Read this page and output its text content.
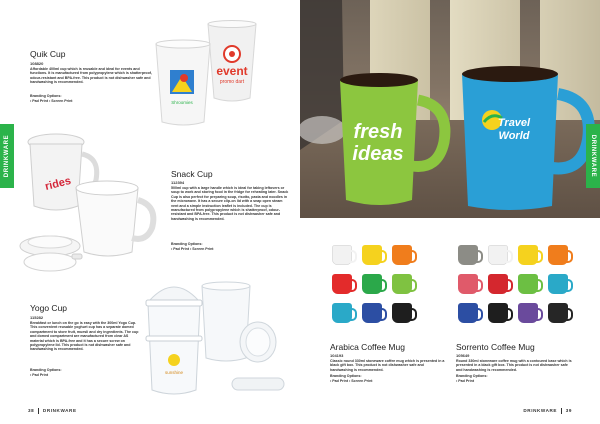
DRINKWARE
Quik Cup
108820
Affordable 400ml cup which is reusable and ideal for events and functions. It is manufactured from polypropylene which is shatterproof, odour-resistant and BPA-free. This product is not dishwasher safe and handwashing is recommended.
Branding Options:
• Pad Print • Screen Print
event
promo dart
Shroomies
rides
Snack Cup
112394
500ml cup with a large handle which is ideal for taking leftovers or soup to work and storing food in the fridge for reheating later. Snack Cup is also perfect for preparing soup, risotto, pasta and noodles in the microwave. It has a secure clip-on lid with a snap open steam vent and a simple instruction leaflet is included. The cup is manufactured from polypropylene which is shatterproof, odour-resistant and BPA-free. This product is not dishwasher safe and handwashing is recommended.
Branding Options:
• Pad Print • Screen Print
Yogo Cup
115282
Breakfast or lunch on the go is easy with the 300ml Yogo Cup. This convenient reusable yoghurt cup has a separate domed compartment to store fruit, muesli and dry ingredients. The cup and domed compartment are manufactured from clear AS material which is BPA-free and it has a secure screw on polypropylene lid. This product is not dishwasher safe and handwashing is recommended.
Branding Options:
• Pad Print	sunshine
38 DRINKWARE
fresh
ideas
Travel
World	DRINKWARE
Arabica Coffee Mug
104193
Classic round 330ml stoneware coffee mug which is presented in a black gift box. This product is not dishwasher safe and handwashing is recommended.
Branding Options:
• Pad Print • Screen Print
Sorrento Coffee Mug
105649
Round 330ml stoneware coffee mug with a contoured base which is presented in a black gift box. This product is not dishwasher safe and handwashing is recommended.
Branding Options:
• Pad Print
DRINKWARE 39
